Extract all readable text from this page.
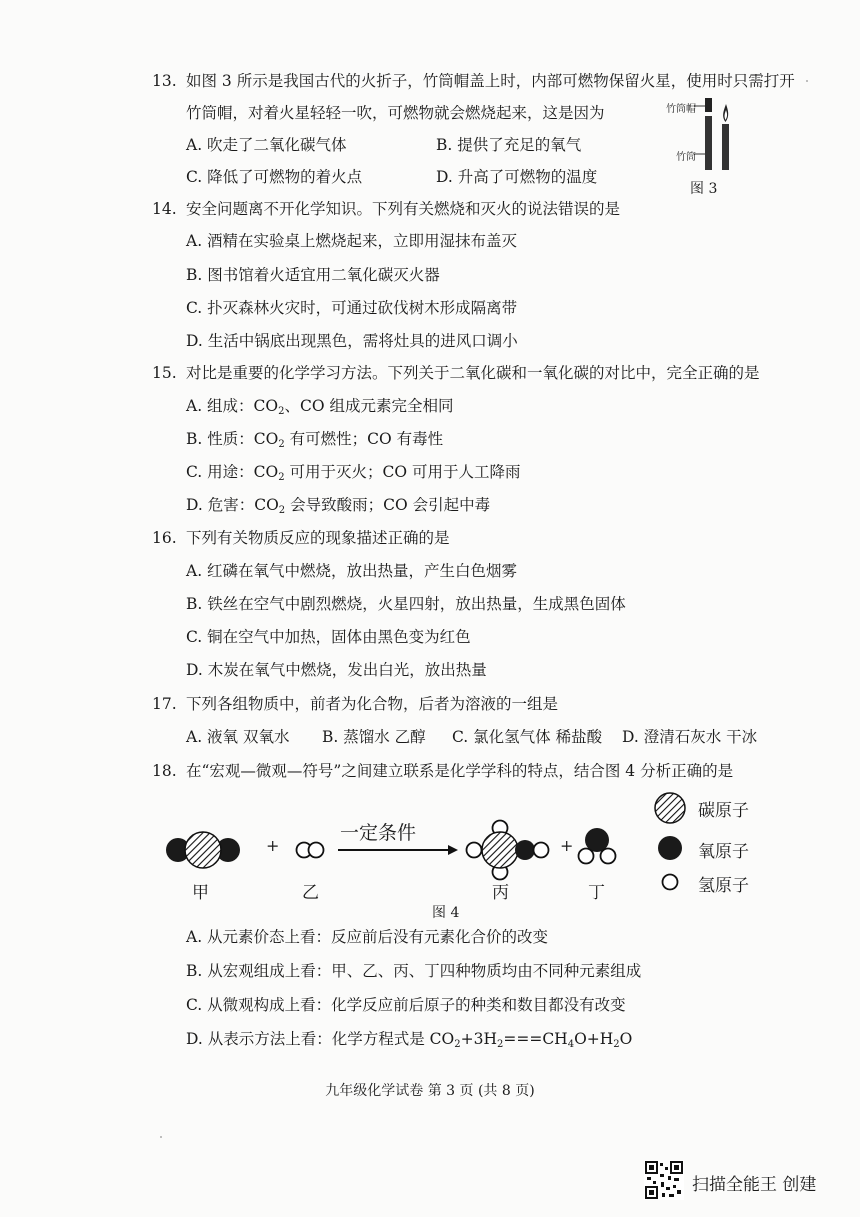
13. 如图 3 所示是我国古代的火折子，竹筒帽盖上时，内部可燃物保留火星，使用时只需打开
竹筒帽，对着火星轻轻一吹，可燃物就会燃烧起来，这是因为
A. 吹走了二氧化碳气体	B. 提供了充足的氧气
C. 降低了可燃物的着火点	D. 升高了可燃物的温度
竹筒帽
竹筒
图 3
14. 安全问题离不开化学知识。下列有关燃烧和灭火的说法错误的是
A. 酒精在实验桌上燃烧起来，立即用湿抹布盖灭
B. 图书馆着火适宜用二氧化碳灭火器
C. 扑灭森林火灾时，可通过砍伐树木形成隔离带
D. 生活中锅底出现黑色，需将灶具的进风口调小
15. 对比是重要的化学学习方法。下列关于二氧化碳和一氧化碳的对比中，完全正确的是
A. 组成：$CO_2$、CO 组成元素完全相同
B. 性质：$CO_2$ 有可燃性；CO 有毒性
C. 用途：$CO_2$ 可用于灭火；CO 可用于人工降雨
D. 危害：$CO_2$ 会导致酸雨；CO 会引起中毒
16. 下列有关物质反应的现象描述正确的是
A. 红磷在氧气中燃烧，放出热量，产生白色烟雾
B. 铁丝在空气中剧烈燃烧，火星四射，放出热量，生成黑色固体
C. 铜在空气中加热，固体由黑色变为红色
D. 木炭在氧气中燃烧，发出白光，放出热量
17. 下列各组物质中，前者为化合物，后者为溶液的一组是
A. 液氧 双氧水 B. 蒸馏水 乙醇 C. 氯化氢气体 稀盐酸 D. 澄清石灰水 干冰
18. 在“宏观—微观—符号”之间建立联系是化学学科的特点，结合图 4 分析正确的是
+	+
一定条件
甲	乙	丙	丁
碳原子
氧原子
氢原子
图 4
A. 从元素价态上看：反应前后没有元素化合价的改变
B. 从宏观组成上看：甲、乙、丙、丁四种物质均由不同种元素组成
C. 从微观构成上看：化学反应前后原子的种类和数目都没有改变
D. 从表示方法上看：化学方程式是 $CO_2+3H_2===CH_4O+H_2O$
九年级化学试卷 第 3 页 (共 8 页)
扫描全能王 创建
